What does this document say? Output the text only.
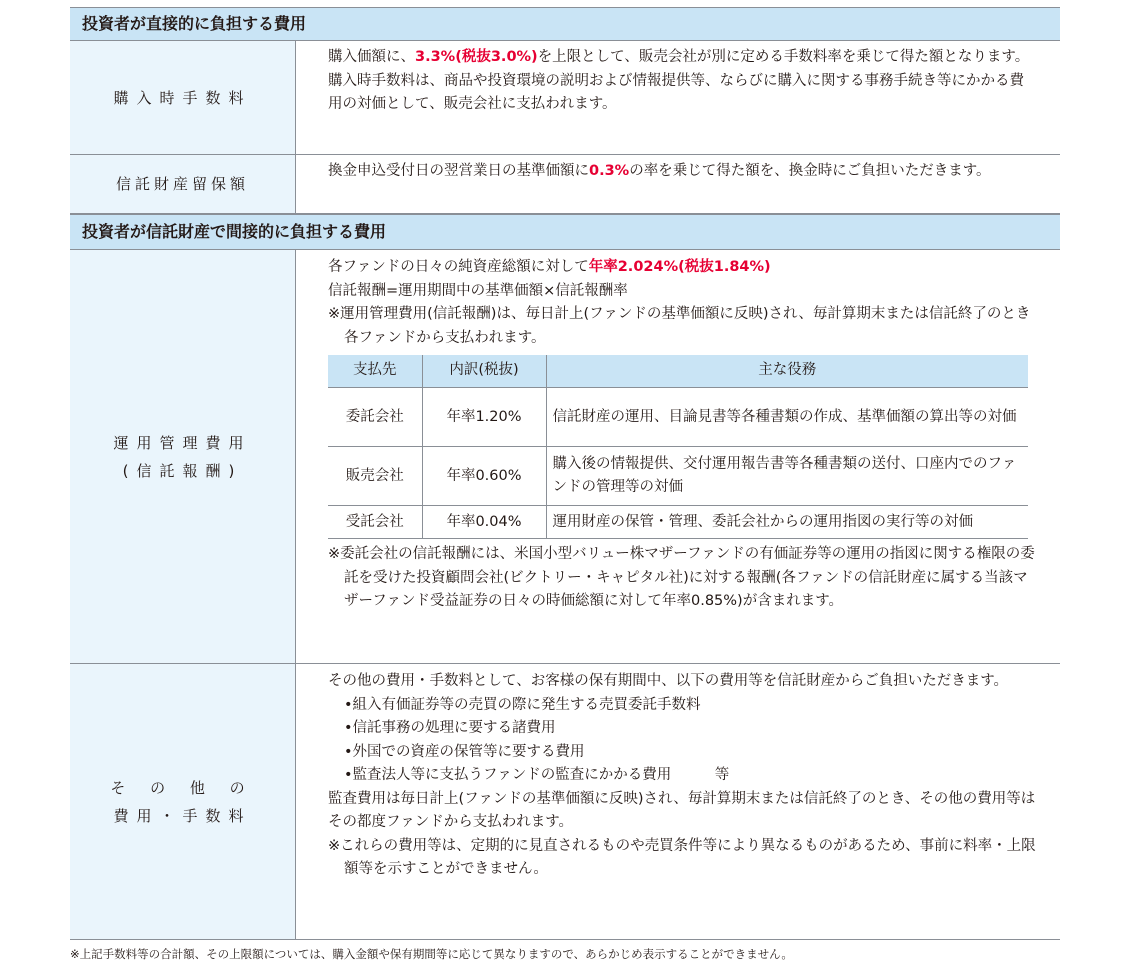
投資者が直接的に負担する費用
購入時手数料

購入価額に、3.3%(税抜3.0%)を上限として、販売会社が別に定める手数料率を乗じて得た額となります。

購入時手数料は、商品や投資環境の説明および情報提供等、ならびに購入に関する事務手続き等にかかる費用の対価として、販売会社に支払われます。

信託財産留保額

換金申込受付日の翌営業日の基準価額に0.3%の率を乗じて得た額を、換金時にご負担いただきます。

投資者が信託財産で間接的に負担する費用
運用管理費用
(信託報酬)

各ファンドの日々の純資産総額に対して年率2.024%(税抜1.84%)

信託報酬=運用期間中の基準価額×信託報酬率

※運用管理費用(信託報酬)は、毎日計上(ファンドの基準価額に反映)され、毎計算期末または信託終了のとき各ファンドから支払われます。

支払先	内訳(税抜)	主な役務
委託会社	年率1.20%	信託財産の運用、目論見書等各種書類の作成、基準価額の算出等の対価
販売会社	年率0.60%	購入後の情報提供、交付運用報告書等各種書類の送付、口座内でのファンドの管理等の対価
受託会社	年率0.04%	運用財産の保管・管理、委託会社からの運用指図の実行等の対価

※委託会社の信託報酬には、米国小型バリュー株マザーファンドの有価証券等の運用の指図に関する権限の委託を受けた投資顧問会社(ビクトリー・キャピタル社)に対する報酬(各ファンドの信託財産に属する当該マザーファンド受益証券の日々の時価総額に対して年率0.85%)が含まれます。

そ の 他 の
費用・手数料

その他の費用・手数料として、お客様の保有期間中、以下の費用等を信託財産からご負担いただきます。

•組入有価証券等の売買の際に発生する売買委託手数料

•信託事務の処理に要する諸費用

•外国での資産の保管等に要する費用

•監査法人等に支払うファンドの監査にかかる費用　　　等

監査費用は毎日計上(ファンドの基準価額に反映)され、毎計算期末または信託終了のとき、その他の費用等はその都度ファンドから支払われます。

※これらの費用等は、定期的に見直されるものや売買条件等により異なるものがあるため、事前に料率・上限額等を示すことができません。

※上記手数料等の合計額、その上限額については、購入金額や保有期間等に応じて異なりますので、あらかじめ表示することができません。
